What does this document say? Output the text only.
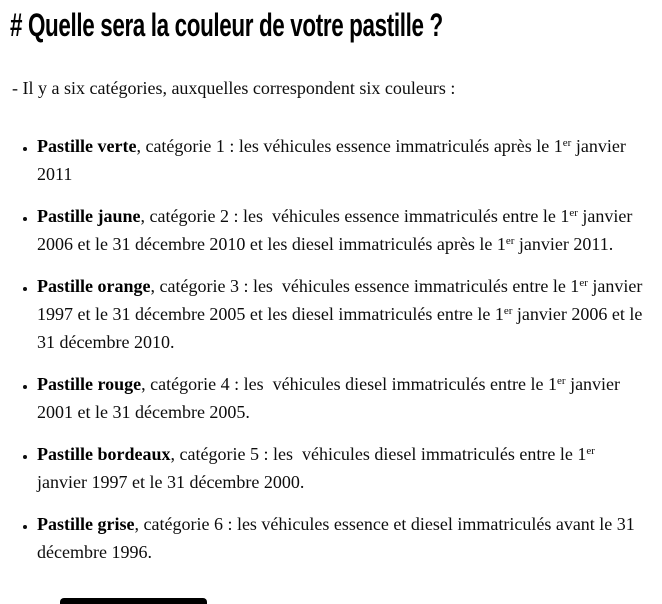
# Quelle sera la couleur de votre pastille ?

- Il y a six catégories, auxquelles correspondent six couleurs :

• Pastille verte, catégorie 1 : les véhicules essence immatriculés après le 1er janvier 2011
• Pastille jaune, catégorie 2 : les  véhicules essence immatriculés entre le 1er janvier 2006 et le 31 décembre 2010 et les diesel immatriculés après le 1er janvier 2011.
• Pastille orange, catégorie 3 : les  véhicules essence immatriculés entre le 1er janvier 1997 et le 31 décembre 2005 et les diesel immatriculés entre le 1er janvier 2006 et le 31 décembre 2010.
• Pastille rouge, catégorie 4 : les  véhicules diesel immatriculés entre le 1er janvier 2001 et le 31 décembre 2005.
• Pastille bordeaux, catégorie 5 : les  véhicules diesel immatriculés entre le 1er janvier 1997 et le 31 décembre 2000.
• Pastille grise, catégorie 6 : les véhicules essence et diesel immatriculés avant le 31 décembre 1996.
